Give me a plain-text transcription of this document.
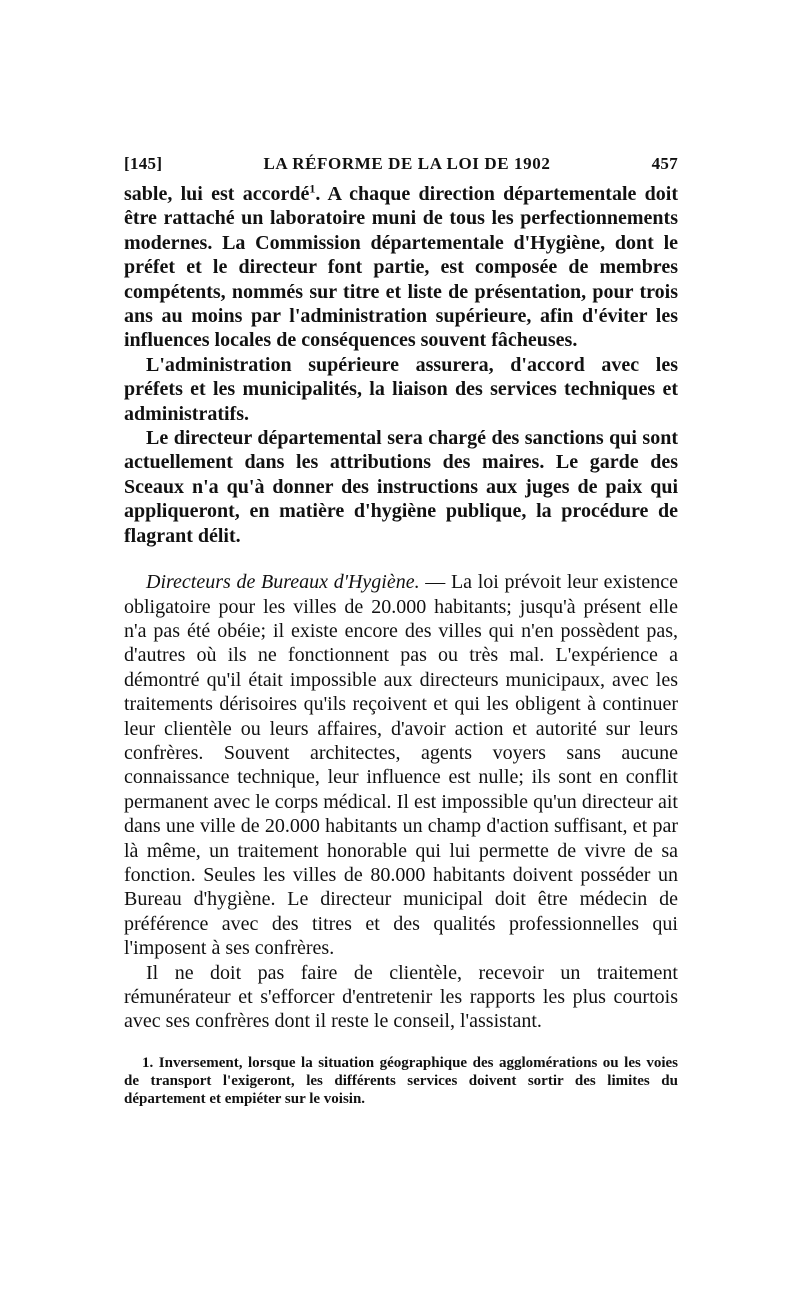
[145]	LA RÉFORME DE LA LOI DE 1902	457

sable, lui est accordé$^1$. A chaque direction départementale doit être rattaché un laboratoire muni de tous les perfectionnements modernes. La Commission départementale d'Hygiène, dont le préfet et le directeur font partie, est composée de membres compétents, nommés sur titre et liste de présentation, pour trois ans au moins par l'administration supérieure, afin d'éviter les influences locales de conséquences souvent fâcheuses.

L'administration supérieure assurera, d'accord avec les préfets et les municipalités, la liaison des services techniques et administratifs.

Le directeur départemental sera chargé des sanctions qui sont actuellement dans les attributions des maires. Le garde des Sceaux n'a qu'à donner des instructions aux juges de paix qui appliqueront, en matière d'hygiène publique, la procédure de flagrant délit.

Directeurs de Bureaux d'Hygiène. — La loi prévoit leur existence obligatoire pour les villes de 20.000 habitants; jusqu'à présent elle n'a pas été obéie; il existe encore des villes qui n'en possèdent pas, d'autres où ils ne fonctionnent pas ou très mal. L'expérience a démontré qu'il était impossible aux directeurs municipaux, avec les traitements dérisoires qu'ils reçoivent et qui les obligent à continuer leur clientèle ou leurs affaires, d'avoir action et autorité sur leurs confrères. Souvent architectes, agents voyers sans aucune connaissance technique, leur influence est nulle; ils sont en conflit permanent avec le corps médical. Il est impossible qu'un directeur ait dans une ville de 20.000 habitants un champ d'action suffisant, et par là même, un traitement honorable qui lui permette de vivre de sa fonction. Seules les villes de 80.000 habitants doivent posséder un Bureau d'hygiène. Le directeur municipal doit être médecin de préférence avec des titres et des qualités professionnelles qui l'imposent à ses confrères.

Il ne doit pas faire de clientèle, recevoir un traitement rémunérateur et s'efforcer d'entretenir les rapports les plus courtois avec ses confrères dont il reste le conseil, l'assistant.

1. Inversement, lorsque la situation géographique des agglomérations ou les voies de transport l'exigeront, les différents services doivent sortir des limites du département et empiéter sur le voisin.
